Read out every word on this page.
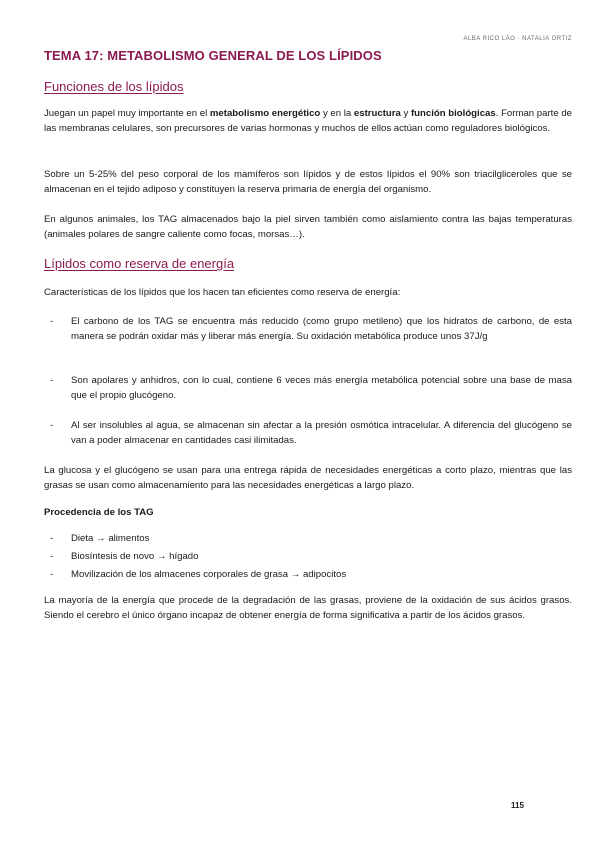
ALBA RICO LÁO · NATALIA ORTIZ
TEMA 17: METABOLISMO GENERAL DE LOS LÍPIDOS
Funciones de los lípidos

Juegan un papel muy importante en el metabolismo energético y en la estructura y función biológicas. Forman parte de las membranas celulares, son precursores de varias hormonas y muchos de ellos actúan como reguladores biológicos.

Sobre un 5-25% del peso corporal de los mamíferos son lípidos y de estos lípidos el 90% son triacilgliceroles que se almacenan en el tejido adiposo y constituyen la reserva primaria de energía del organismo.

En algunos animales, los TAG almacenados bajo la piel sirven también como aislamiento contra las bajas temperaturas (animales polares de sangre caliente como focas, morsas…).

Lípidos como reserva de energía

Características de los lípidos que los hacen tan eficientes como reserva de energía:

- El carbono de los TAG se encuentra más reducido (como grupo metileno) que los hidratos de carbono, de esta manera se podrán oxidar más y liberar más energía. Su oxidación metabólica produce unos 37J/g
- Son apolares y anhidros, con lo cual, contiene 6 veces más energía metabólica potencial sobre una base de masa que el propio glucógeno.
- Al ser insolubles al agua, se almacenan sin afectar a la presión osmótica intracelular. A diferencia del glucógeno se van a poder almacenar en cantidades casi ilimitadas.

La glucosa y el glucógeno se usan para una entrega rápida de necesidades energéticas a corto plazo, mientras que las grasas se usan como almacenamiento para las necesidades energéticas a largo plazo.

Procedencia de los TAG
- Dieta → alimentos
- Biosíntesis de novo → hígado
- Movilización de los almacenes corporales de grasa → adipocitos

La mayoría de la energía que procede de la degradación de las grasas, proviene de la oxidación de sus ácidos grasos. Siendo el cerebro el único órgano incapaz de obtener energía de forma significativa a partir de los ácidos grasos.

115
